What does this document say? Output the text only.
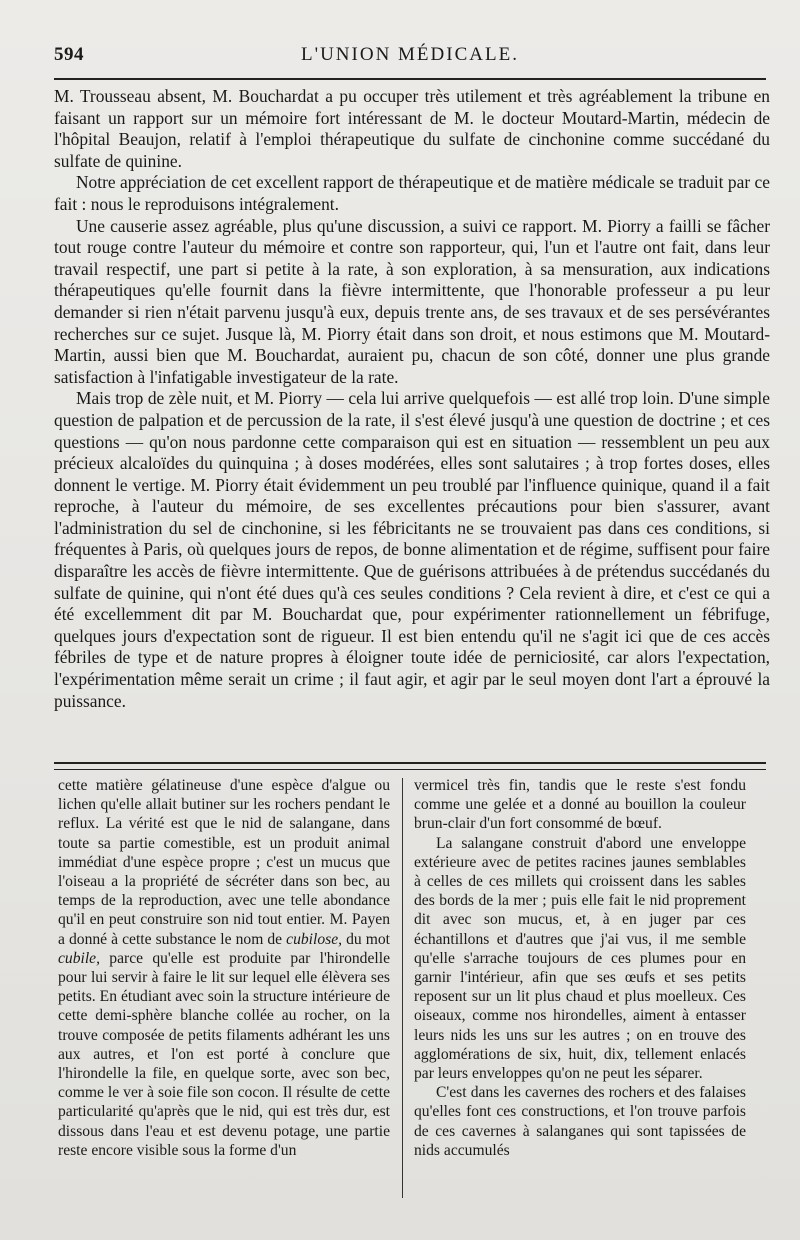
594	L'UNION MÉDICALE.

M. Trousseau absent, M. Bouchardat a pu occuper très utilement et très agréablement la tribune en faisant un rapport sur un mémoire fort intéressant de M. le docteur Moutard-Martin, médecin de l'hôpital Beaujon, relatif à l'emploi thérapeutique du sulfate de cinchonine comme succédané du sulfate de quinine.

Notre appréciation de cet excellent rapport de thérapeutique et de matière médicale se traduit par ce fait : nous le reproduisons intégralement.

Une causerie assez agréable, plus qu'une discussion, a suivi ce rapport. M. Piorry a failli se fâcher tout rouge contre l'auteur du mémoire et contre son rapporteur, qui, l'un et l'autre ont fait, dans leur travail respectif, une part si petite à la rate, à son exploration, à sa mensuration, aux indications thérapeutiques qu'elle fournit dans la fièvre intermittente, que l'honorable professeur a pu leur demander si rien n'était parvenu jusqu'à eux, depuis trente ans, de ses travaux et de ses persévérantes recherches sur ce sujet. Jusque là, M. Piorry était dans son droit, et nous estimons que M. Moutard-Martin, aussi bien que M. Bouchardat, auraient pu, chacun de son côté, donner une plus grande satisfaction à l'infatigable investigateur de la rate.

Mais trop de zèle nuit, et M. Piorry — cela lui arrive quelquefois — est allé trop loin. D'une simple question de palpation et de percussion de la rate, il s'est élevé jusqu'à une question de doctrine ; et ces questions — qu'on nous pardonne cette comparaison qui est en situation — ressemblent un peu aux précieux alcaloïdes du quinquina ; à doses modérées, elles sont salutaires ; à trop fortes doses, elles donnent le vertige. M. Piorry était évidemment un peu troublé par l'influence quinique, quand il a fait reproche, à l'auteur du mémoire, de ses excellentes précautions pour bien s'assurer, avant l'administration du sel de cinchonine, si les fébricitants ne se trouvaient pas dans ces conditions, si fréquentes à Paris, où quelques jours de repos, de bonne alimentation et de régime, suffisent pour faire disparaître les accès de fièvre intermittente. Que de guérisons attribuées à de prétendus succédanés du sulfate de quinine, qui n'ont été dues qu'à ces seules conditions ? Cela revient à dire, et c'est ce qui a été excellemment dit par M. Bouchardat que, pour expérimenter rationnellement un fébrifuge, quelques jours d'expectation sont de rigueur. Il est bien entendu qu'il ne s'agit ici que de ces accès fébriles de type et de nature propres à éloigner toute idée de perniciosité, car alors l'expectation, l'expérimentation même serait un crime ; il faut agir, et agir par le seul moyen dont l'art a éprouvé la puissance.

cette matière gélatineuse d'une espèce d'algue ou lichen qu'elle allait butiner sur les rochers pendant le reflux. La vérité est que le nid de salangane, dans toute sa partie comestible, est un produit animal immédiat d'une espèce propre ; c'est un mucus que l'oiseau a la propriété de sécréter dans son bec, au temps de la reproduction, avec une telle abondance qu'il en peut construire son nid tout entier. M. Payen a donné à cette substance le nom de cubilose, du mot cubile, parce qu'elle est produite par l'hirondelle pour lui servir à faire le lit sur lequel elle élèvera ses petits. En étudiant avec soin la structure intérieure de cette demi-sphère blanche collée au rocher, on la trouve composée de petits filaments adhérant les uns aux autres, et l'on est porté à conclure que l'hirondelle la file, en quelque sorte, avec son bec, comme le ver à soie file son cocon. Il résulte de cette particularité qu'après que le nid, qui est très dur, est dissous dans l'eau et est devenu potage, une partie reste encore visible sous la forme d'un

vermicel très fin, tandis que le reste s'est fondu comme une gelée et a donné au bouillon la couleur brun-clair d'un fort consommé de bœuf.

La salangane construit d'abord une enveloppe extérieure avec de petites racines jaunes semblables à celles de ces millets qui croissent dans les sables des bords de la mer ; puis elle fait le nid proprement dit avec son mucus, et, à en juger par ces échantillons et d'autres que j'ai vus, il me semble qu'elle s'arrache toujours de ces plumes pour en garnir l'intérieur, afin que ses œufs et ses petits reposent sur un lit plus chaud et plus moelleux. Ces oiseaux, comme nos hirondelles, aiment à entasser leurs nids les uns sur les autres ; on en trouve des agglomérations de six, huit, dix, tellement enlacés par leurs enveloppes qu'on ne peut les séparer.

C'est dans les cavernes des rochers et des falaises qu'elles font ces constructions, et l'on trouve parfois de ces cavernes à salanganes qui sont tapissées de nids accumulés
